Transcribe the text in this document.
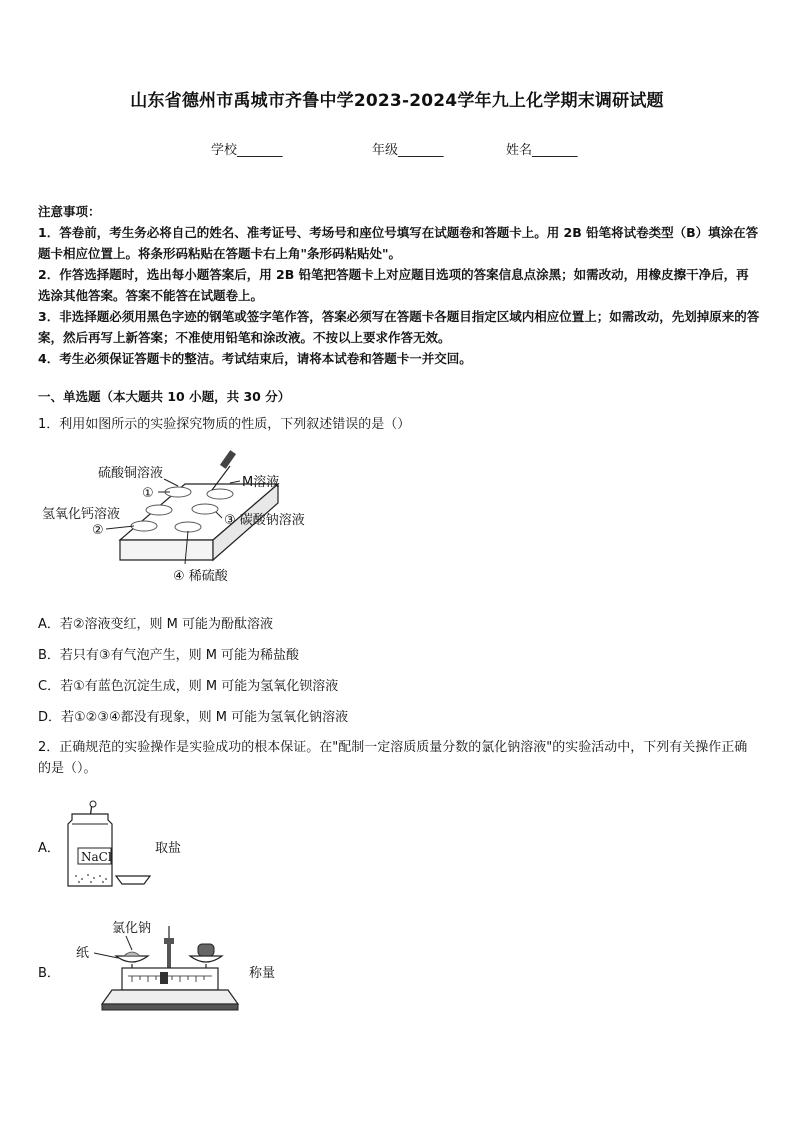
山东省德州市禹城市齐鲁中学2023-2024学年九上化学期末调研试题
学校_______	年级_______	姓名_______

注意事项：

1．答卷前，考生务必将自己的姓名、准考证号、考场号和座位号填写在试题卷和答题卡上。用 2B 铅笔将试卷类型（B）填涂在答题卡相应位置上。将条形码粘贴在答题卡右上角"条形码粘贴处"。

2．作答选择题时，选出每小题答案后，用 2B 铅笔把答题卡上对应题目选项的答案信息点涂黑；如需改动，用橡皮擦干净后，再选涂其他答案。答案不能答在试题卷上。

3．非选择题必须用黑色字迹的钢笔或签字笔作答，答案必须写在答题卡各题目指定区域内相应位置上；如需改动，先划掉原来的答案，然后再写上新答案；不准使用铅笔和涂改液。不按以上要求作答无效。

4．考生必须保证答题卡的整洁。考试结束后，请将本试卷和答题卡一并交回。

一、单选题（本大题共 10 小题，共 30 分）
1．利用如图所示的实验探究物质的性质，下列叙述错误的是（）
硫酸铜溶液
M溶液
①
氢氧化钙溶液
②
③ 碳酸钠溶液
④ 稀硫酸
A．若②溶液变红，则 M 可能为酚酞溶液
B．若只有③有气泡产生，则 M 可能为稀盐酸
C．若①有蓝色沉淀生成，则 M 可能为氢氧化钡溶液
D．若①②③④都没有现象，则 M 可能为氢氧化钠溶液
2．正确规范的实验操作是实验成功的根本保证。在"配制一定溶质质量分数的氯化钠溶液"的实验活动中，下列有关操作正确的是（）。
A．
NaCl
取盐
B．
氯化钠
纸
称量
